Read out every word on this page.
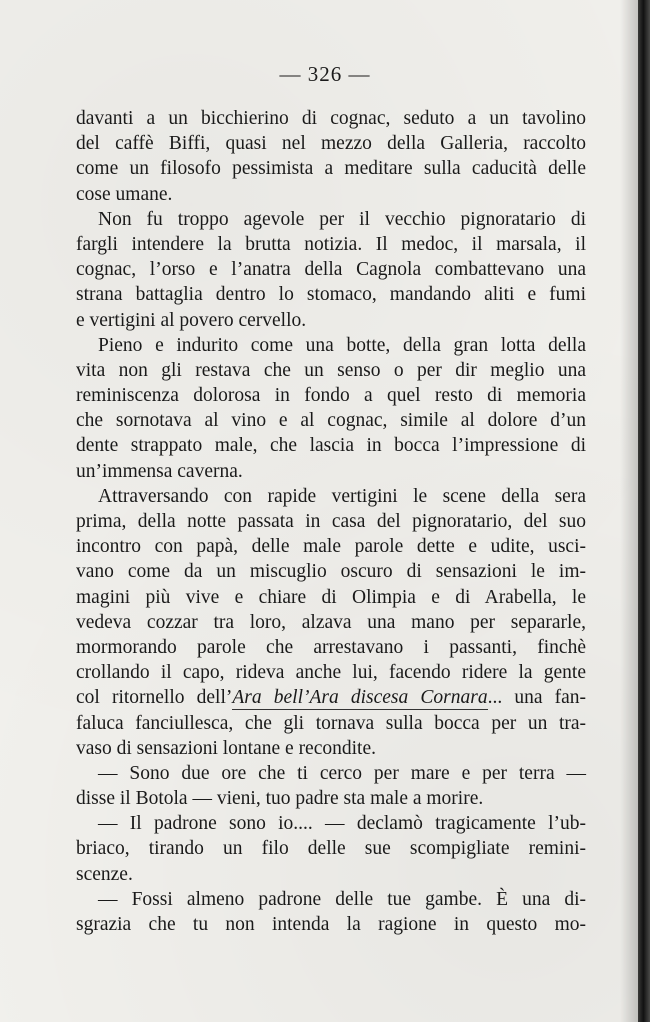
— 326 —
davanti a un bicchierino di cognac, seduto a un tavolino
del caffè Biffi, quasi nel mezzo della Galleria, raccolto
come un filosofo pessimista a meditare sulla caducità delle
cose umane.
Non fu troppo agevole per il vecchio pignoratario di
fargli intendere la brutta notizia. Il medoc, il marsala, il
cognac, l’orso e l’anatra della Cagnola combattevano una
strana battaglia dentro lo stomaco, mandando aliti e fumi
e vertigini al povero cervello.
Pieno e indurito come una botte, della gran lotta della
vita non gli restava che un senso o per dir meglio una
reminiscenza dolorosa in fondo a quel resto di memoria
che sornotava al vino e al cognac, simile al dolore d’un
dente strappato male, che lascia in bocca l’impressione di
un’immensa caverna.
Attraversando con rapide vertigini le scene della sera
prima, della notte passata in casa del pignoratario, del suo
incontro con papà, delle male parole dette e udite, usci-
vano come da un miscuglio oscuro di sensazioni le im-
magini più vive e chiare di Olimpia e di Arabella, le
vedeva cozzar tra loro, alzava una mano per separarle,
mormorando parole che arrestavano i passanti, finchè
crollando il capo, rideva anche lui, facendo ridere la gente
col ritornello dell’Ara bell’Ara discesa Cornara... una fan-
faluca fanciullesca, che gli tornava sulla bocca per un tra-
vaso di sensazioni lontane e recondite.
— Sono due ore che ti cerco per mare e per terra —
disse il Botola — vieni, tuo padre sta male a morire.
— Il padrone sono io.... — declamò tragicamente l’ub-
briaco, tirando un filo delle sue scompigliate remini-
scenze.
— Fossi almeno padrone delle tue gambe. È una di-
sgrazia che tu non intenda la ragione in questo mo-
